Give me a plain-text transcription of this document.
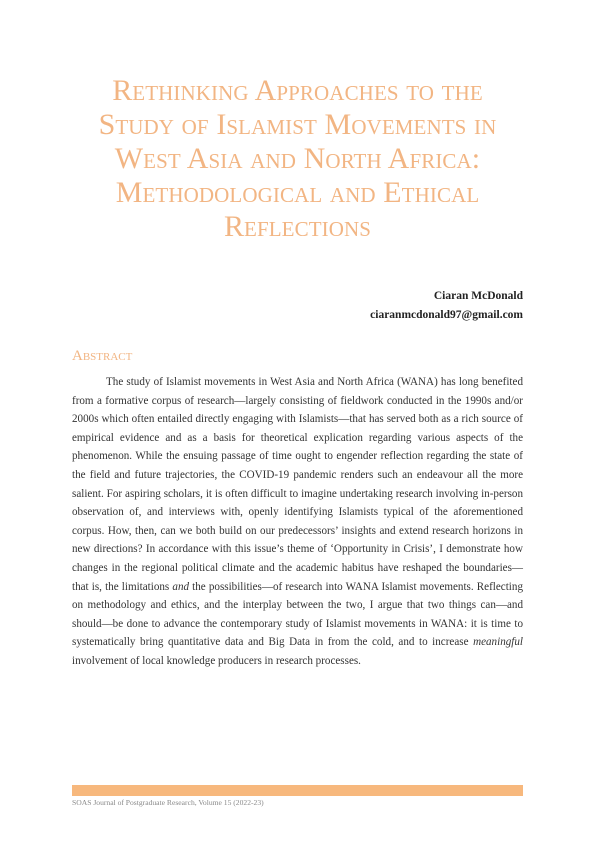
Rethinking Approaches to the
Study of Islamist Movements in
West Asia and North Africa:
Methodological and Ethical
Reflections
Ciaran McDonald
ciaranmcdonald97@gmail.com
Abstract

The study of Islamist movements in West Asia and North Africa (WANA) has long benefited from a formative corpus of research—largely consisting of fieldwork conducted in the 1990s and/or 2000s which often entailed directly engaging with Islamists—that has served both as a rich source of empirical evidence and as a basis for theoretical explication regarding various aspects of the phenomenon. While the ensuing passage of time ought to engender reflection regarding the state of the field and future trajectories, the COVID-19 pandemic renders such an endeavour all the more salient. For aspiring scholars, it is often difficult to imagine undertaking research involving in-person observation of, and interviews with, openly identifying Islamists typical of the aforementioned corpus. How, then, can we both build on our predecessors’ insights and extend research horizons in new directions? In accordance with this issue’s theme of ‘Opportunity in Crisis’, I demonstrate how changes in the regional political climate and the academic habitus have reshaped the boundaries—that is, the limitations and the possibilities—of research into WANA Islamist movements. Reflecting on methodology and ethics, and the interplay between the two, I argue that two things can—and should—be done to advance the contemporary study of Islamist movements in WANA: it is time to systematically bring quantitative data and Big Data in from the cold, and to increase meaningful involvement of local knowledge producers in research processes.

SOAS Journal of Postgraduate Research, Volume 15 (2022-23)
